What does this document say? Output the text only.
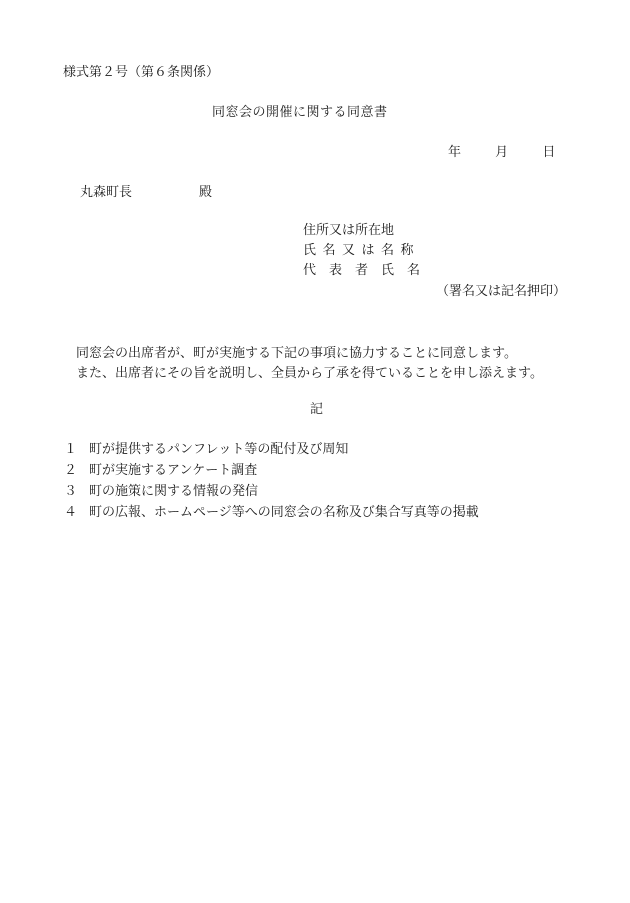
様式第２号（第６条関係）
同窓会の開催に関する同意書
年	月	日
丸森町長	殿
住所又は所在地
氏名又は名称
代表者氏名
（署名又は記名押印）
同窓会の出席者が、町が実施する下記の事項に協力することに同意します。
また、出席者にその旨を説明し、全員から了承を得ていることを申し添えます。
記
１ 町が提供するパンフレット等の配付及び周知
２ 町が実施するアンケート調査
３ 町の施策に関する情報の発信
４ 町の広報、ホームページ等への同窓会の名称及び集合写真等の掲載
